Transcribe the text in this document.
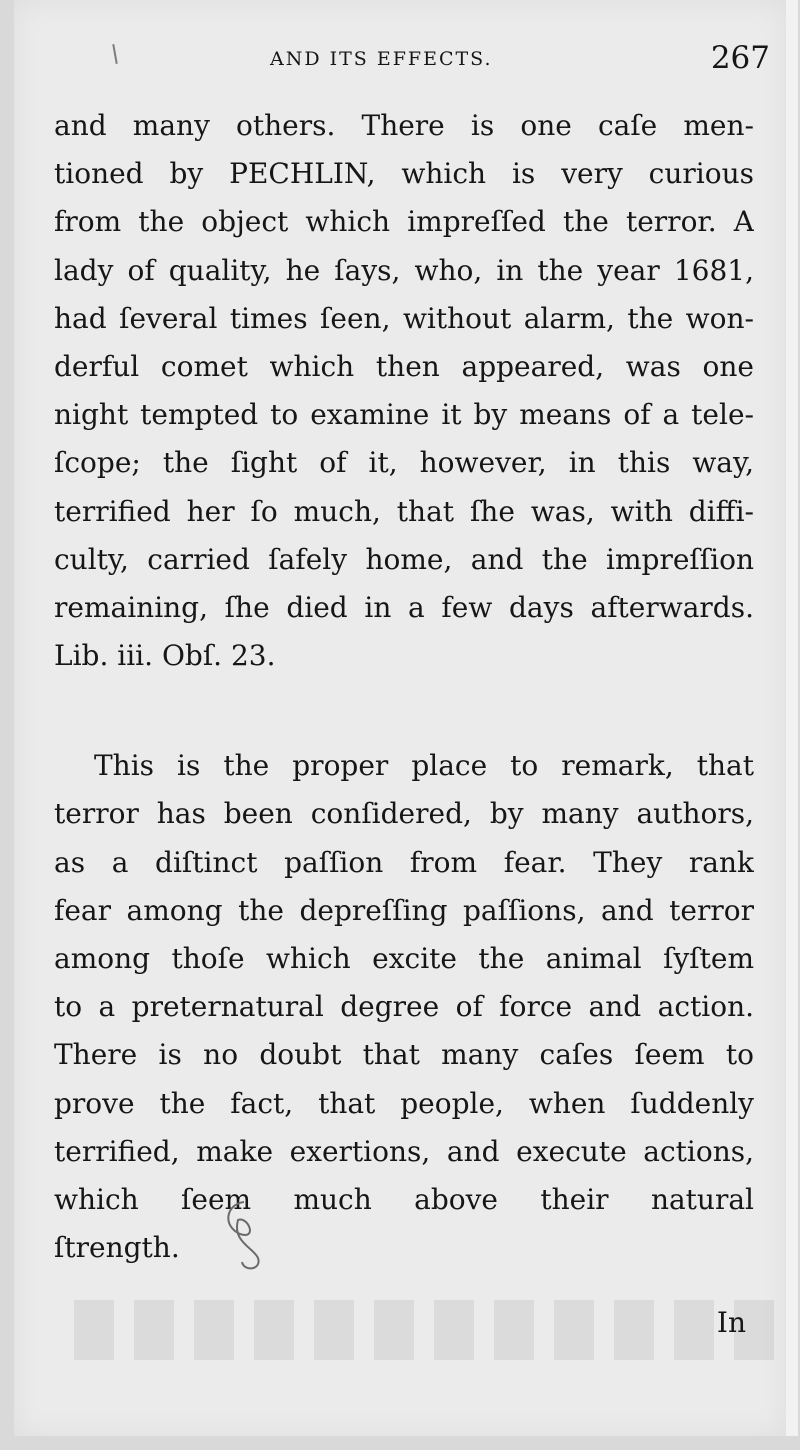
AND ITS EFFECTS.	267
and many others. There is one caſe men-
tioned by PECHLIN, which is very curious
from the object which impreſſed the terror. A
lady of quality, he ſays, who, in the year 1681,
had ſeveral times ſeen, without alarm, the won-
derful comet which then appeared, was one
night tempted to examine it by means of a tele-
ſcope; the ſight of it, however, in this way,
terrified her ſo much, that ſhe was, with diffi-
culty, carried ſafely home, and the impreſſion
remaining, ſhe died in a few days afterwards.
Lib. iii. Obſ. 23.
This is the proper place to remark, that
terror has been conſidered, by many authors,
as a diſtinct paſſion from fear. They rank
fear among the depreſſing paſſions, and terror
among thoſe which excite the animal ſyſtem
to a preternatural degree of force and action.
There is no doubt that many caſes ſeem to
prove the fact, that people, when ſuddenly
terrified, make exertions, and execute actions,
which ſeem much above their natural
ſtrength.
In
